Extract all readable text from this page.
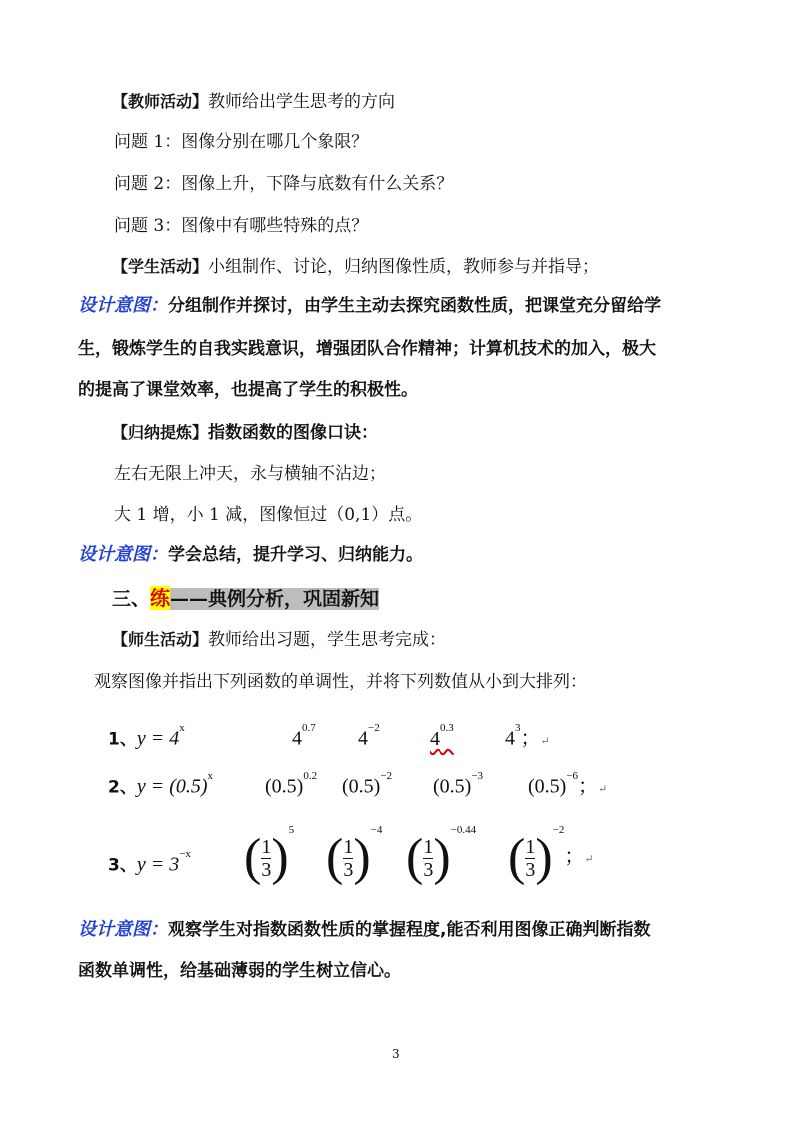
【教师活动】教师给出学生思考的方向
问题 1：图像分别在哪几个象限？
问题 2：图像上升，下降与底数有什么关系？
问题 3：图像中有哪些特殊的点？
【学生活动】小组制作、讨论，归纳图像性质，教师参与并指导；
设计意图：分组制作并探讨，由学生主动去探究函数性质，把课堂充分留给学
生，锻炼学生的自我实践意识，增强团队合作精神；计算机技术的加入，极大
的提高了课堂效率，也提高了学生的积极性。
【归纳提炼】指数函数的图像口诀：
左右无限上冲天，永与横轴不沾边；
大 1 增，小 1 减，图像恒过（0,1）点。
设计意图：学会总结，提升学习、归纳能力。
三、练——典例分析，巩固新知
【师生活动】教师给出习题，学生思考完成：
观察图像并指出下列函数的单调性，并将下列数值从小到大排列：
1、$y = 4^x$	$4^{0.7}$ $4^{-2}$	$4^{0.3}$	$4^3$；↵
2、$y = (0.5)^x$	$(0.5)^{0.2}$ $(0.5)^{-2}$ $(0.5)^{-3}$ $(0.5)^{-6}$；↵
3、$y = 3^{-x}$ ( $\frac{1}{3} )^5$ ( $\frac{1}{3} )^{-4}$ ( $\frac{1}{3} )^{-0.44}$ ( $\frac{1}{3} )^{-2}$；↵
设计意图：观察学生对指数函数性质的掌握程度,能否利用图像正确判断指数
函数单调性，给基础薄弱的学生树立信心。
3
